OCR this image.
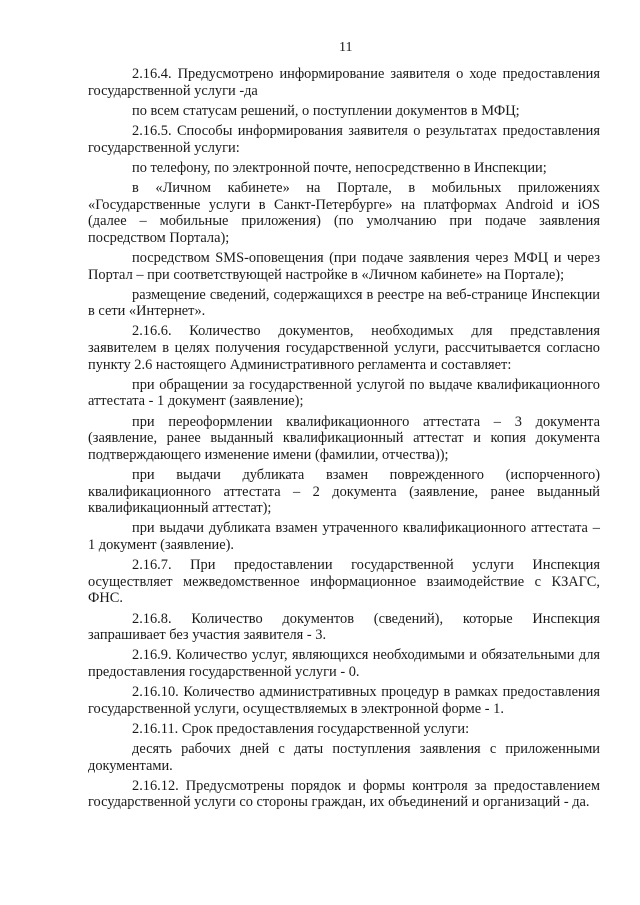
11

2.16.4. Предусмотрено информирование заявителя о ходе предоставления государственной услуги -да

по всем статусам решений, о поступлении документов в МФЦ;

2.16.5. Способы информирования заявителя о результатах предоставления государственной услуги:

по телефону, по электронной почте, непосредственно в Инспекции;

в «Личном кабинете» на Портале, в мобильных приложениях «Государственные услуги в Санкт-Петербурге» на платформах Android и iOS (далее – мобильные приложения) (по умолчанию при подаче заявления посредством Портала);

посредством SMS-оповещения (при подаче заявления через МФЦ и через Портал – при соответствующей настройке в «Личном кабинете» на Портале);

размещение сведений, содержащихся в реестре на веб-странице Инспекции в сети «Интернет».

2.16.6. Количество документов, необходимых для представления заявителем в целях получения государственной услуги, рассчитывается согласно пункту 2.6 настоящего Административного регламента и составляет:

при обращении за государственной услугой по выдаче квалификационного аттестата - 1 документ (заявление);

при переоформлении квалификационного аттестата – 3 документа (заявление, ранее выданный квалификационный аттестат и копия документа подтверждающего изменение имени (фамилии, отчества));

при выдачи дубликата взамен поврежденного (испорченного) квалификационного аттестата – 2 документа (заявление, ранее выданный квалификационный аттестат);

при выдачи дубликата взамен утраченного квалификационного аттестата – 1 документ (заявление).

2.16.7. При предоставлении государственной услуги Инспекция осуществляет межведомственное информационное взаимодействие с КЗАГС, ФНС.

2.16.8. Количество документов (сведений), которые Инспекция запрашивает без участия заявителя - 3.

2.16.9. Количество услуг, являющихся необходимыми и обязательными для предоставления государственной услуги - 0.

2.16.10. Количество административных процедур в рамках предоставления государственной услуги, осуществляемых в электронной форме - 1.

2.16.11. Срок предоставления государственной услуги:

десять рабочих дней с даты поступления заявления с приложенными документами.

2.16.12. Предусмотрены порядок и формы контроля за предоставлением государственной услуги со стороны граждан, их объединений и организаций - да.
